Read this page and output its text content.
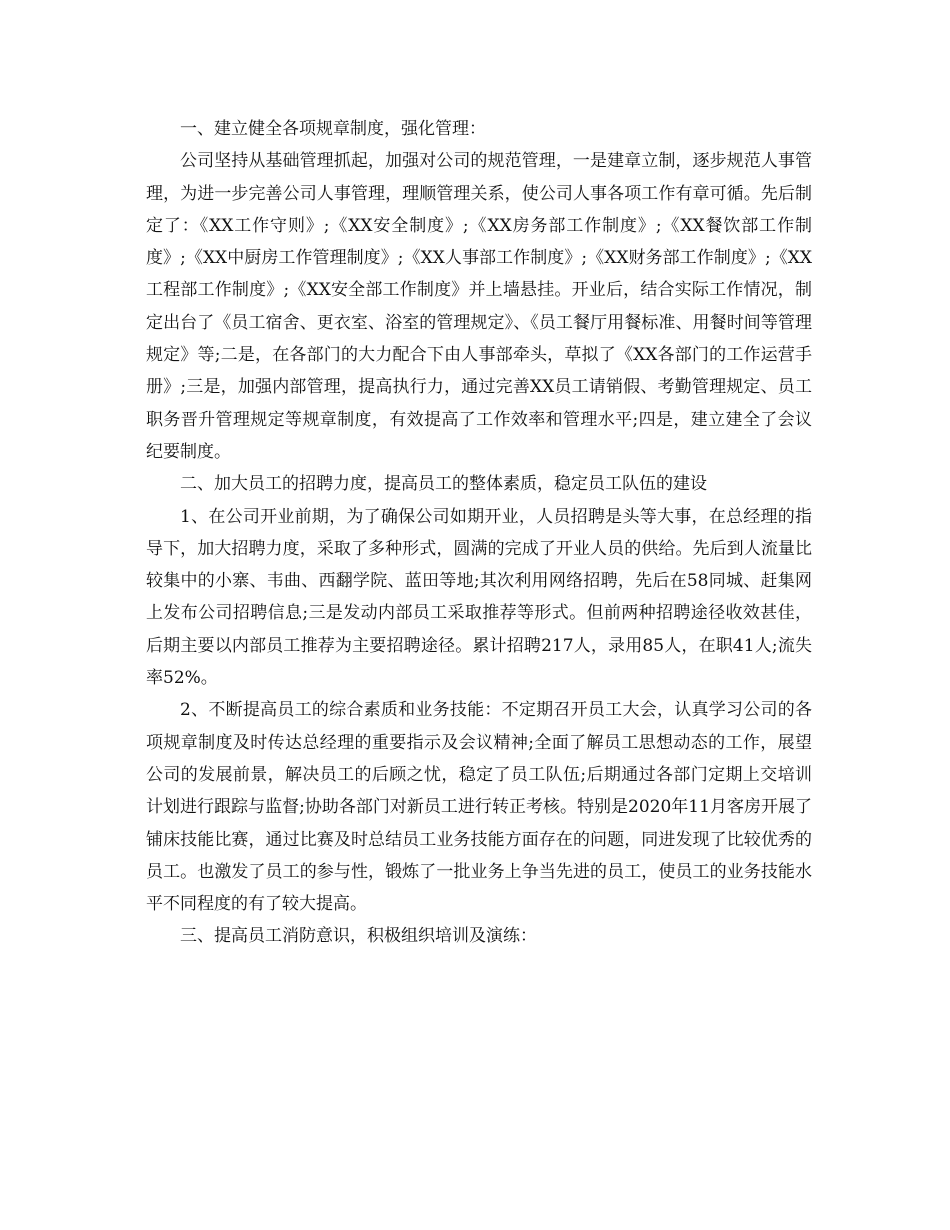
一、建立健全各项规章制度，强化管理：

公司坚持从基础管理抓起，加强对公司的规范管理，一是建章立制，逐步规范人事管理，为进一步完善公司人事管理，理顺管理关系，使公司人事各项工作有章可循。先后制定了：《XX工作守则》;《XX安全制度》;《XX房务部工作制度》;《XX餐饮部工作制度》;《XX中厨房工作管理制度》;《XX人事部工作制度》;《XX财务部工作制度》;《XX工程部工作制度》;《XX安全部工作制度》并上墙悬挂。开业后，结合实际工作情况，制定出台了《员工宿舍、更衣室、浴室的管理规定》、《员工餐厅用餐标准、用餐时间等管理规定》等;二是，在各部门的大力配合下由人事部牵头，草拟了《XX各部门的工作运营手册》;三是，加强内部管理，提高执行力，通过完善XX员工请销假、考勤管理规定、员工职务晋升管理规定等规章制度，有效提高了工作效率和管理水平;四是，建立建全了会议纪要制度。

二、加大员工的招聘力度，提高员工的整体素质，稳定员工队伍的建设

1、在公司开业前期，为了确保公司如期开业，人员招聘是头等大事，在总经理的指导下，加大招聘力度，采取了多种形式，圆满的完成了开业人员的供给。先后到人流量比较集中的小寨、韦曲、西翻学院、蓝田等地;其次利用网络招聘，先后在58同城、赶集网上发布公司招聘信息;三是发动内部员工采取推荐等形式。但前两种招聘途径收效甚佳，后期主要以内部员工推荐为主要招聘途径。累计招聘217人，录用85人，在职41人;流失率52%。

2、不断提高员工的综合素质和业务技能：不定期召开员工大会，认真学习公司的各项规章制度及时传达总经理的重要指示及会议精神;全面了解员工思想动态的工作，展望公司的发展前景，解决员工的后顾之忧，稳定了员工队伍;后期通过各部门定期上交培训计划进行跟踪与监督;协助各部门对新员工进行转正考核。特别是2020年11月客房开展了铺床技能比赛，通过比赛及时总结员工业务技能方面存在的问题，同进发现了比较优秀的员工。也激发了员工的参与性，锻炼了一批业务上争当先进的员工，使员工的业务技能水平不同程度的有了较大提高。

三、提高员工消防意识，积极组织培训及演练：
